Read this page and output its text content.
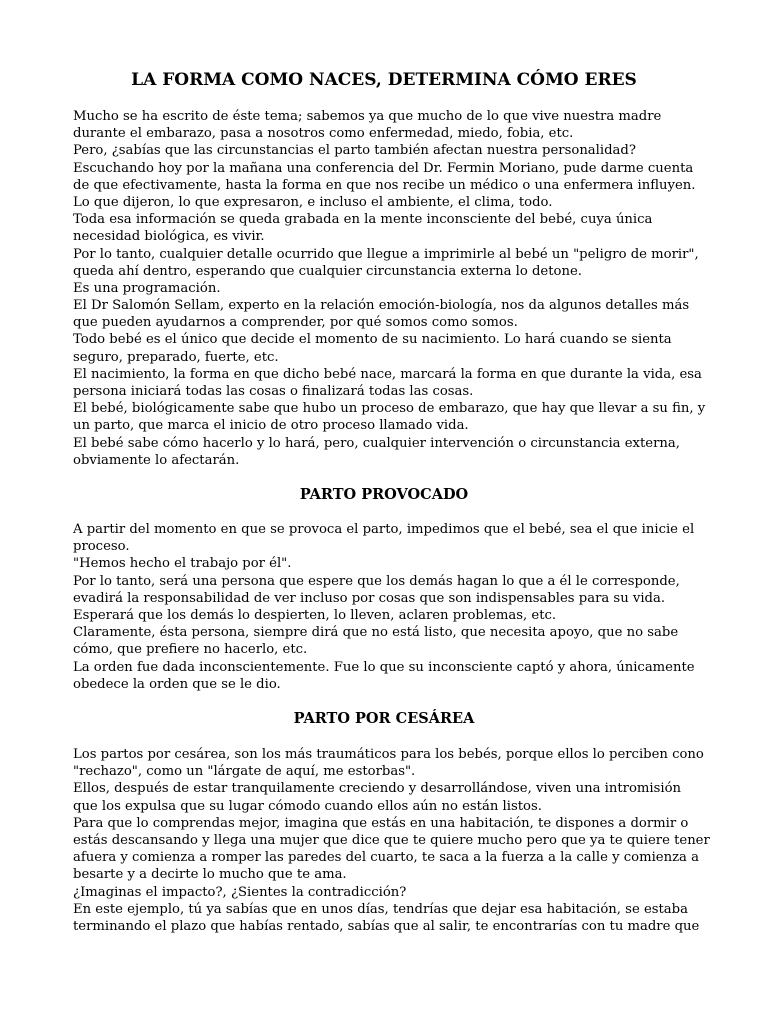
LA FORMA COMO NACES, DETERMINA CÓMO ERES
Mucho se ha escrito de éste tema; sabemos ya que mucho de lo que vive nuestra madre
durante el embarazo, pasa a nosotros como enfermedad, miedo, fobia, etc.
Pero, ¿sabías que las circunstancias el parto también afectan nuestra personalidad?
Escuchando hoy por la mañana una conferencia del Dr. Fermin Moriano, pude darme cuenta
de que efectivamente, hasta la forma en que nos recibe un médico o una enfermera influyen.
Lo que dijeron, lo que expresaron, e incluso el ambiente, el clima, todo.
Toda esa información se queda grabada en la mente inconsciente del bebé, cuya única
necesidad biológica, es vivir.
Por lo tanto, cualquier detalle ocurrido que llegue a imprimirle al bebé un "peligro de morir",
queda ahí dentro, esperando que cualquier circunstancia externa lo detone.
Es una programación.
El Dr Salomón Sellam, experto en la relación emoción-biología, nos da algunos detalles más
que pueden ayudarnos a comprender, por qué somos como somos.
Todo bebé es el único que decide el momento de su nacimiento. Lo hará cuando se sienta
seguro, preparado, fuerte, etc.
El nacimiento, la forma en que dicho bebé nace, marcará la forma en que durante la vida, esa
persona iniciará todas las cosas o finalizará todas las cosas.
El bebé, biológicamente sabe que hubo un proceso de embarazo, que hay que llevar a su fin, y
un parto, que marca el inicio de otro proceso llamado vida.
El bebé sabe cómo hacerlo y lo hará, pero, cualquier intervención o circunstancia externa,
obviamente lo afectarán.
PARTO PROVOCADO
A partir del momento en que se provoca el parto, impedimos que el bebé, sea el que inicie el
proceso.
"Hemos hecho el trabajo por él".
Por lo tanto, será una persona que espere que los demás hagan lo que a él le corresponde,
evadirá la responsabilidad de ver incluso por cosas que son indispensables para su vida.
Esperará que los demás lo despierten, lo lleven, aclaren problemas, etc.
Claramente, ésta persona, siempre dirá que no está listo, que necesita apoyo, que no sabe
cómo, que prefiere no hacerlo, etc.
La orden fue dada inconscientemente. Fue lo que su inconsciente captó y ahora, únicamente
obedece la orden que se le dio.
PARTO POR CESÁREA
Los partos por cesárea, son los más traumáticos para los bebés, porque ellos lo perciben cono
"rechazo", como un "lárgate de aquí, me estorbas".
Ellos, después de estar tranquilamente creciendo y desarrollándose, viven una intromisión
que los expulsa que su lugar cómodo cuando ellos aún no están listos.
Para que lo comprendas mejor, imagina que estás en una habitación, te dispones a dormir o
estás descansando y llega una mujer que dice que te quiere mucho pero que ya te quiere tener
afuera y comienza a romper las paredes del cuarto, te saca a la fuerza a la calle y comienza a
besarte y a decirte lo mucho que te ama.
¿Imaginas el impacto?, ¿Sientes la contradicción?
En este ejemplo, tú ya sabías que en unos días, tendrías que dejar esa habitación, se estaba
terminando el plazo que habías rentado, sabías que al salir, te encontrarías con tu madre que
